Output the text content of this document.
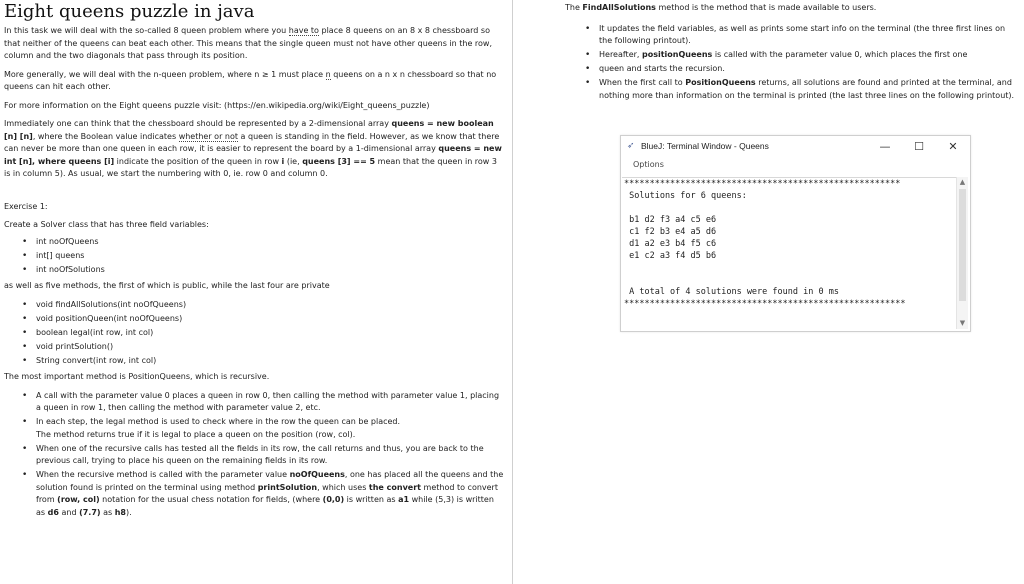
Eight queens puzzle in java

In this task we will deal with the so-called 8 queen problem where you have to place 8 queens on an 8 x 8 chessboard so that neither of the queens can beat each other. This means that the single queen must not have other queens in the row, column and the two diagonals that pass through its position.

More generally, we will deal with the n-queen problem, where n ≥ 1 must place n queens on a n x n chessboard so that no queens can hit each other.

For more information on the Eight queens puzzle visit: (https://en.wikipedia.org/wiki/Eight_queens_puzzle)

Immediately one can think that the chessboard should be represented by a 2-dimensional array queens = new boolean [n] [n], where the Boolean value indicates whether or not a queen is standing in the field. However, as we know that there can never be more than one queen in each row, it is easier to represent the board by a 1-dimensional array queens = new int [n], where queens [i] indicate the position of the queen in row i (ie, queens [3] == 5 mean that the queen in row 3 is in column 5). As usual, we start the numbering with 0, ie. row 0 and column 0.

Exercise 1:

Create a Solver class that has three field variables:

• int noOfQueens
• int[] queens
• int noOfSolutions

as well as five methods, the first of which is public, while the last four are private

• void findAllSolutions(int noOfQueens)
• void positionQueen(int noOfQueens)
• boolean legal(int row, int col)
• void printSolution()
• String convert(int row, int col)

The most important method is PositionQueens, which is recursive.

• A call with the parameter value 0 places a queen in row 0, then calling the method with parameter value 1, placing a queen in row 1, then calling the method with parameter value 2, etc.
• In each step, the legal method is used to check where in the row the queen can be placed.
The method returns true if it is legal to place a queen on the position (row, col).
• When one of the recursive calls has tested all the fields in its row, the call returns and thus, you are back to the previous call, trying to place his queen on the remaining fields in its row.
• When the recursive method is called with the parameter value noOfQueens, one has placed all the queens and the solution found is printed on the terminal using method printSolution, which uses the convert method to convert from (row, col) notation for the usual chess notation for fields, (where (0,0) is written as a1 while (5,3) is written as d6 and (7.7) as h8).

The FindAllSolutions method is the method that is made available to users.

• It updates the field variables, as well as prints some start info on the terminal (the three first lines on the following printout).
• Hereafter, positionQueens is called with the parameter value 0, which places the first one
• queen and starts the recursion.
• When the first call to PositionQueens returns, all solutions are found and printed at the terminal, and nothing more than information on the terminal is printed (the last three lines on the following printout).
➶ BlueJ: Terminal Window - Queens	—	☐	✕
Options
******************************************************
Solutions for 6 queens:
b1 d2 f3 a4 c5 e6
c1 f2 b3 e4 a5 d6
d1 a2 e3 b4 f5 c6
e1 c2 a3 f4 d5 b6
A total of 4 solutions were found in 0 ms
*******************************************************
▲
▼
